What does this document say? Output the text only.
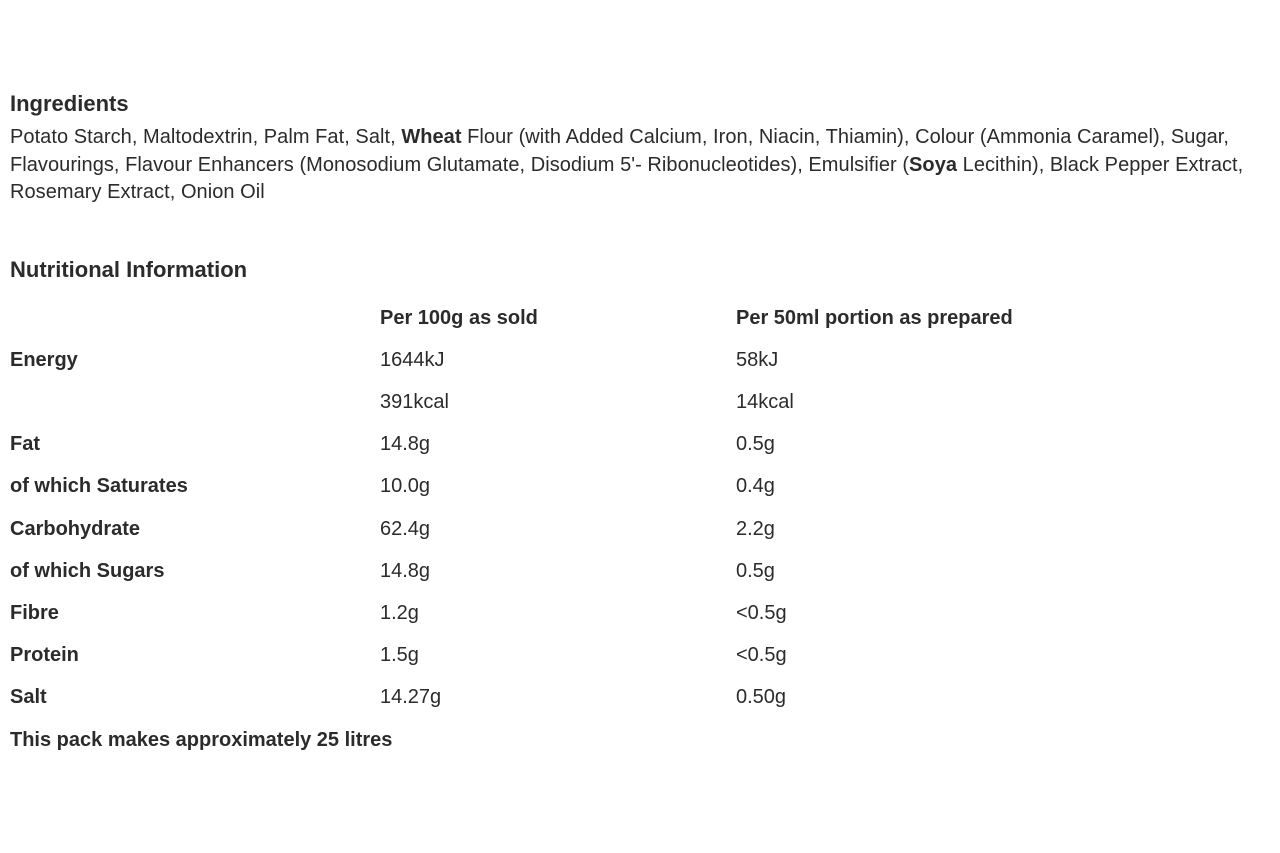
Ingredients

Potato Starch, Maltodextrin, Palm Fat, Salt, Wheat Flour (with Added Calcium, Iron, Niacin, Thiamin), Colour (Ammonia Caramel), Sugar, Flavourings, Flavour Enhancers (Monosodium Glutamate, Disodium 5'- Ribonucleotides), Emulsifier (Soya Lecithin), Black Pepper Extract, Rosemary Extract, Onion Oil

Nutritional Information
	Per 100g as sold	Per 50ml portion as prepared
Energy	1644kJ	58kJ
	391kcal	14kcal
Fat	14.8g	0.5g
of which Saturates	10.0g	0.4g
Carbohydrate	62.4g	2.2g
of which Sugars	14.8g	0.5g
Fibre	1.2g	<0.5g
Protein	1.5g	<0.5g
Salt	14.27g	0.50g

This pack makes approximately 25 litres
